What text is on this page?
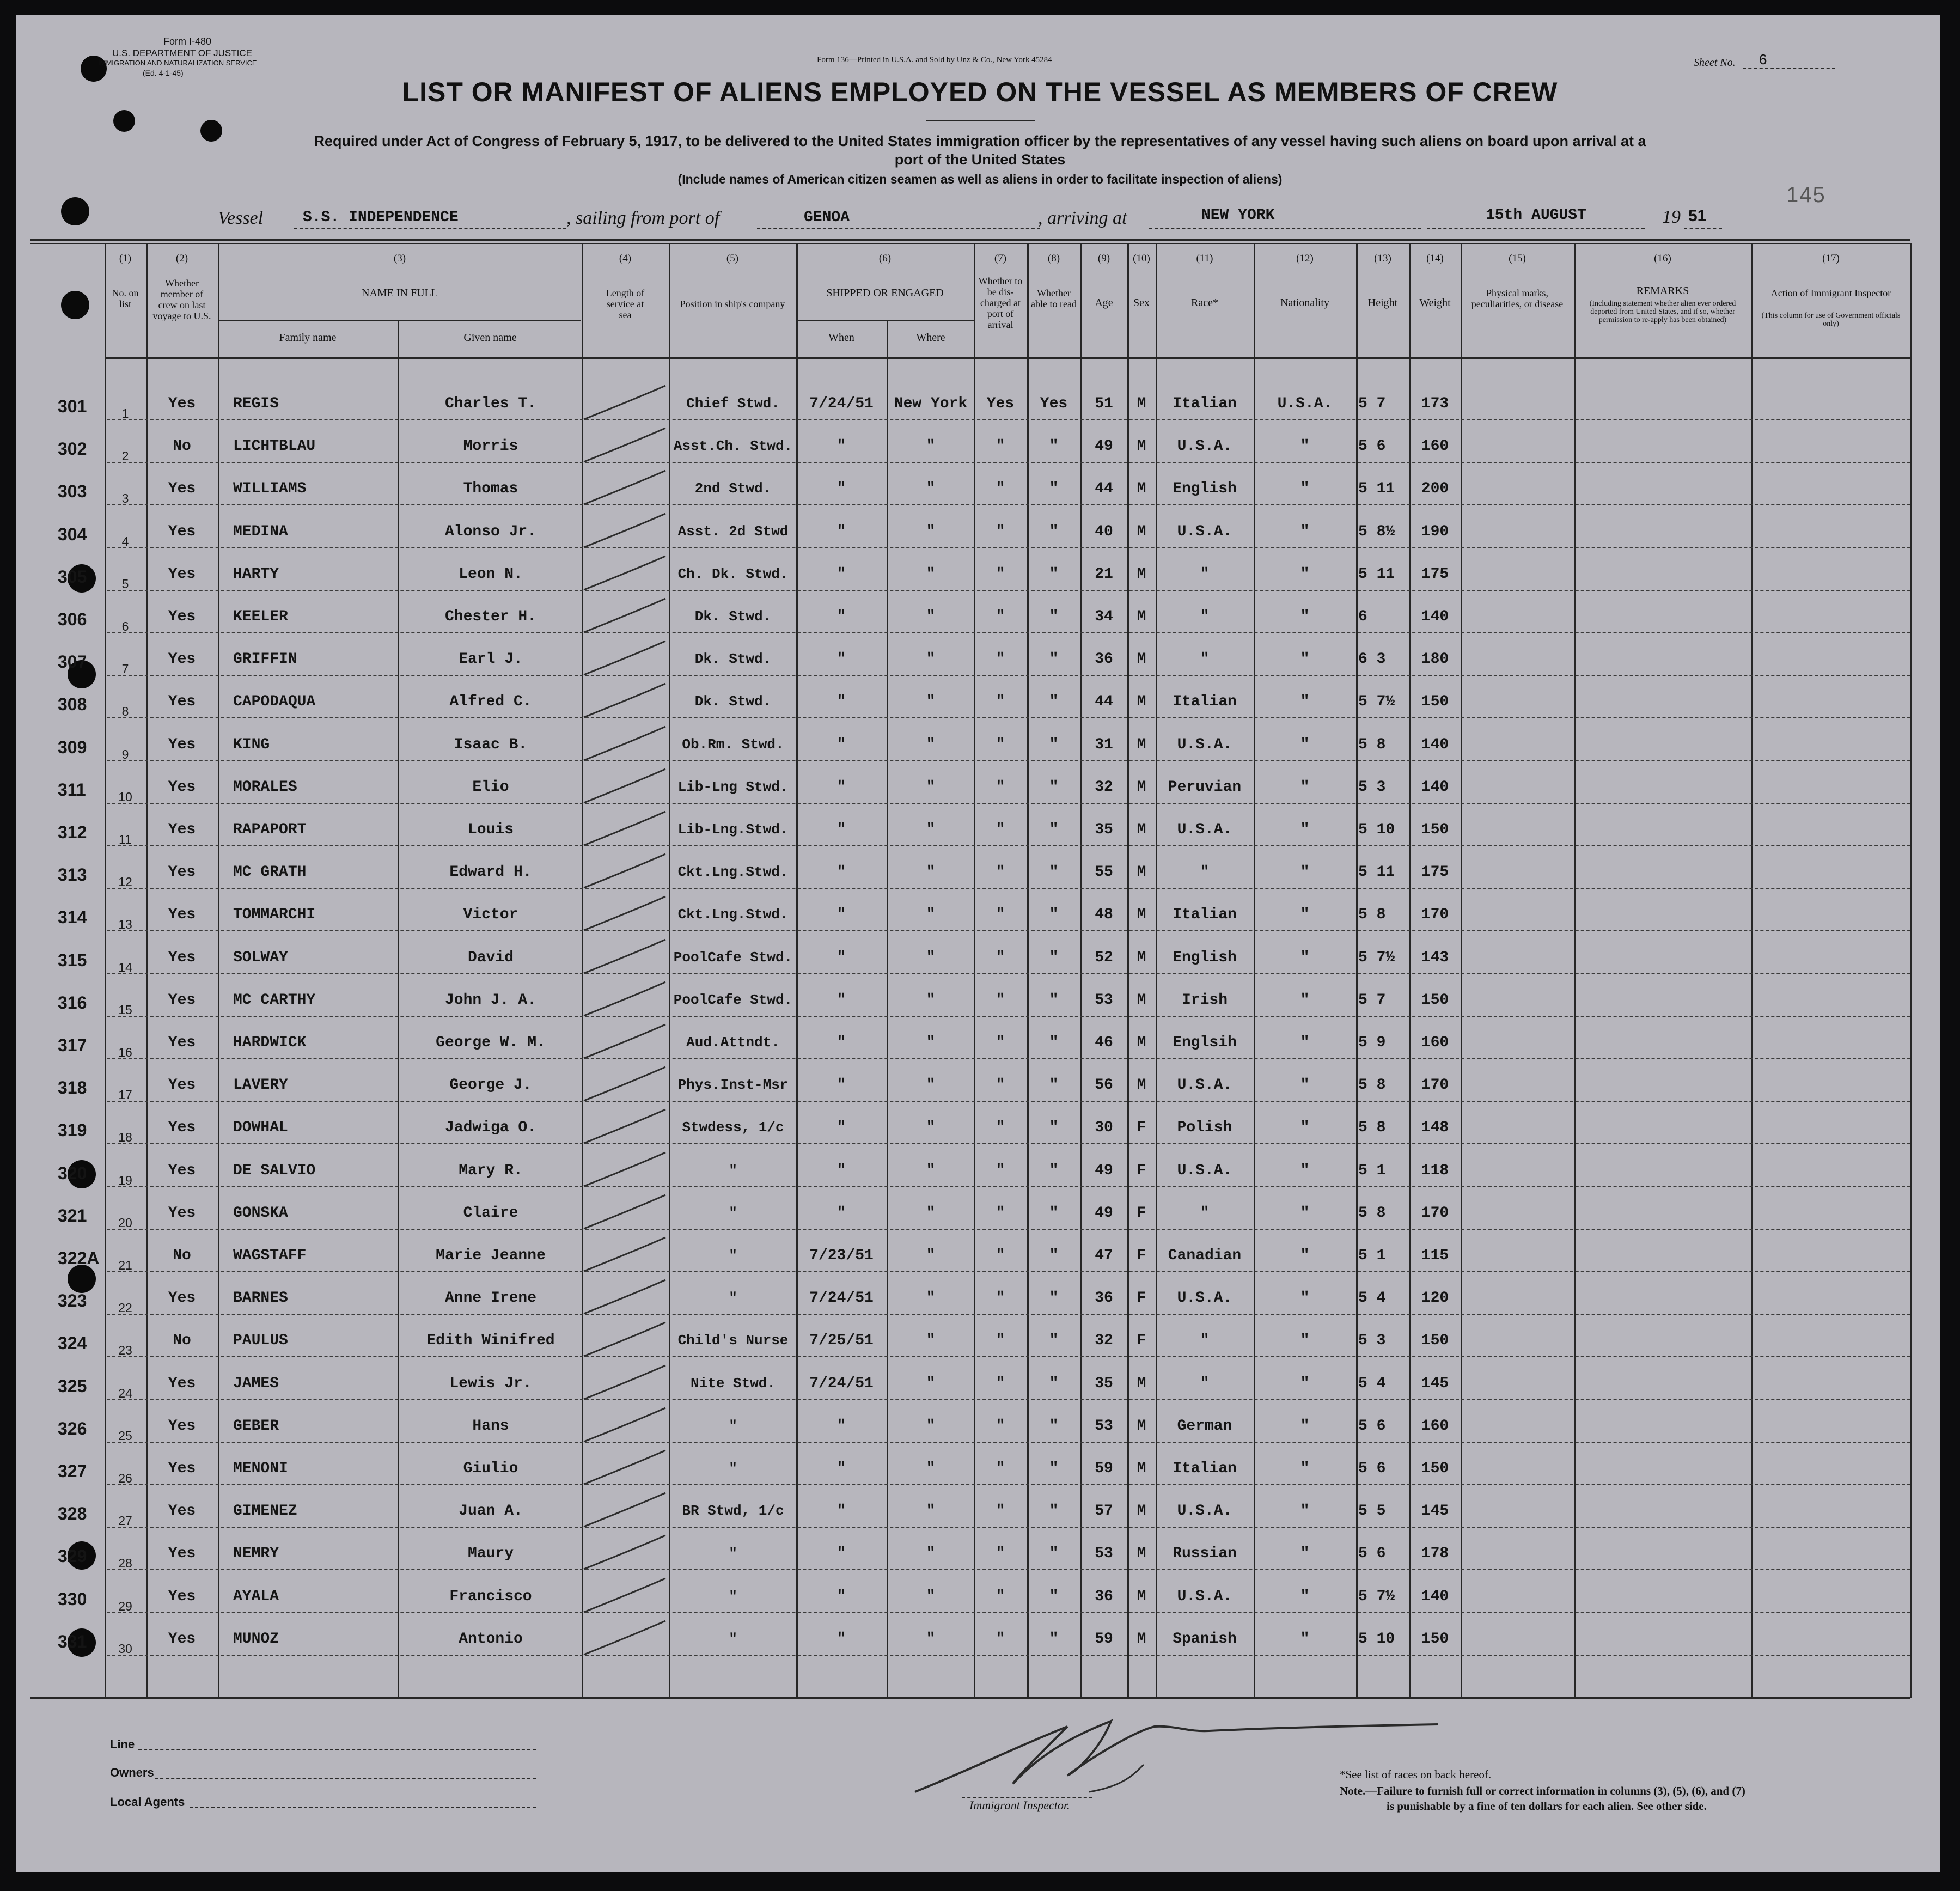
Form I-480
U.S. DEPARTMENT OF JUSTICE
IMMIGRATION AND NATURALIZATION SERVICE
(Ed. 4-1-45)
Form 136—Printed in U.S.A. and Sold by Unz & Co., New York 45284	Sheet No. 6
145
LIST OR MANIFEST OF ALIENS EMPLOYED ON THE VESSEL AS MEMBERS OF CREW
Required under Act of Congress of February 5, 1917, to be delivered to the United States immigration officer by the representatives of any vessel having such aliens on board upon arrival at a
port of the United States
(Include names of American citizen seamen as well as aliens in order to facilitate inspection of aliens)
Vessel	S.S. INDEPENDENCE	, sailing from port of	GENOA	, arriving at	NEW YORK	15th AUGUST	19 51
(1)	(2)	(3)	(4)	(5)	(6)	(7)	(8)	(9)	(10)	(11)	(12)	(13)	(14)	(15)	(16)	(17)
No. on list
Whether member of crew on last voyage to U.S.
NAME IN FULL
Family name	Given name
Length of service at sea
Position in ship's company
SHIPPED OR ENGAGED
When	Where
Whether to be dis-charged at port of arrival
Whether able to read	Age	Sex	Race*	Nationality	Height	Weight
Physical marks, peculiarities, or disease
REMARKS
(Including statement whether alien ever ordered deported from United States, and if so, whether permission to re-apply has been obtained)
Action of Immigrant Inspector
(This column for use of Government officials only)
301	1
Yes	REGIS	Charles T.	Chief Stwd.	7/24/51	New York	Yes	Yes	51	M	Italian	U.S.A.	5 7	173
302	2
No	LICHTBLAU	Morris	Asst.Ch. Stwd.	"	"	"	"	49	M	U.S.A.	"	5 6	160
303	3
Yes	WILLIAMS	Thomas	2nd Stwd.	"	"	"	"	44	M	English	"	5 11	200
304	4
Yes	MEDINA	Alonso Jr.	Asst. 2d Stwd	"	"	"	"	40	M	U.S.A.	"	5 8½	190
305	5
Yes	HARTY	Leon N.	Ch. Dk. Stwd.	"	"	"	"	21	M	"	"	5 11	175
306	6
Yes	KEELER	Chester H.	Dk. Stwd.	"	"	"	"	34	M	"	"	6	140
307	7
Yes	GRIFFIN	Earl J.	Dk. Stwd.	"	"	"	"	36	M	"	"	6 3	180
308	8
Yes	CAPODAQUA	Alfred C.	Dk. Stwd.	"	"	"	"	44	M	Italian	"	5 7½	150
309	9
Yes	KING	Isaac B.	Ob.Rm. Stwd.	"	"	"	"	31	M	U.S.A.	"	5 8	140
311	10
Yes	MORALES	Elio	Lib-Lng Stwd.	"	"	"	"	32	M	Peruvian	"	5 3	140
312	11
Yes	RAPAPORT	Louis	Lib-Lng.Stwd.	"	"	"	"	35	M	U.S.A.	"	5 10	150
313	12
Yes	MC GRATH	Edward H.	Ckt.Lng.Stwd.	"	"	"	"	55	M	"	"	5 11	175
314	13
Yes	TOMMARCHI	Victor	Ckt.Lng.Stwd.	"	"	"	"	48	M	Italian	"	5 8	170
315	14
Yes	SOLWAY	David	PoolCafe Stwd.	"	"	"	"	52	M	English	"	5 7½	143
316	15
Yes	MC CARTHY	John J. A.	PoolCafe Stwd.	"	"	"	"	53	M	Irish	"	5 7	150
317	16
Yes	HARDWICK	George W. M.	Aud.Attndt.	"	"	"	"	46	M	Englsih	"	5 9	160
318	17
Yes	LAVERY	George J.	Phys.Inst-Msr	"	"	"	"	56	M	U.S.A.	"	5 8	170
319	18
Yes	DOWHAL	Jadwiga O.	Stwdess, 1/c	"	"	"	"	30	F	Polish	"	5 8	148
320	19
Yes	DE SALVIO	Mary R.	"	"	"	"	"	49	F	U.S.A.	"	5 1	118
321	20
Yes	GONSKA	Claire	"	"	"	"	"	49	F	"	"	5 8	170
322A	21
No	WAGSTAFF	Marie Jeanne	"	7/23/51	"	"	"	47	F	Canadian	"	5 1	115
323	22
Yes	BARNES	Anne Irene	"	7/24/51	"	"	"	36	F	U.S.A.	"	5 4	120
324	23
No	PAULUS	Edith Winifred	Child's Nurse	7/25/51	"	"	"	32	F	"	"	5 3	150
325	24
Yes	JAMES	Lewis Jr.	Nite Stwd.	7/24/51	"	"	"	35	M	"	"	5 4	145
326	25
Yes	GEBER	Hans	"	"	"	"	"	53	M	German	"	5 6	160
327	26
Yes	MENONI	Giulio	"	"	"	"	"	59	M	Italian	"	5 6	150
328	27
Yes	GIMENEZ	Juan A.	BR Stwd, 1/c	"	"	"	"	57	M	U.S.A.	"	5 5	145
329	28
Yes	NEMRY	Maury	"	"	"	"	"	53	M	Russian	"	5 6	178
330	29
Yes	AYALA	Francisco	"	"	"	"	"	36	M	U.S.A.	"	5 7½	140
331	30
Yes	MUNOZ	Antonio	"	"	"	"	"	59	M	Spanish	"	5 10	150
Line
Owners
Local Agents	Immigrant Inspector.
*See list of races on back hereof.
Note.—Failure to furnish full or correct information in columns (3), (5), (6), and (7)
is punishable by a fine of ten dollars for each alien. See other side.
